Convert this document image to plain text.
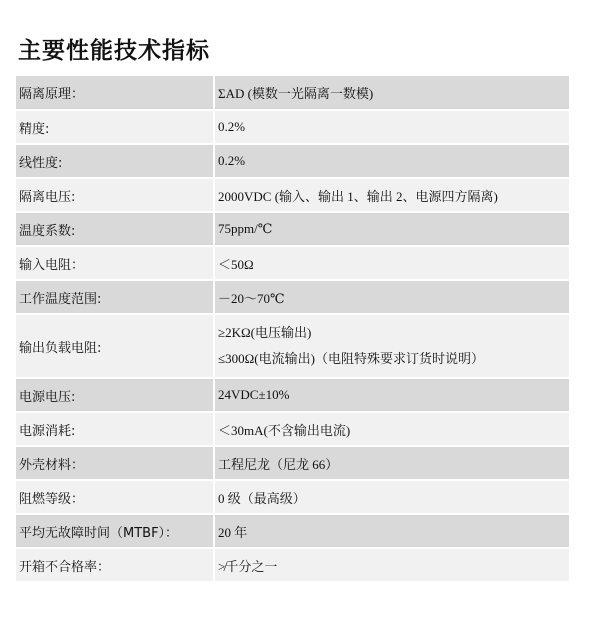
主要性能技术指标
隔离原理：	ΣAD (模数一光隔离一数模)
精度:	0.2%
线性度:	0.2%
隔离电压:	2000VDC (输入、输出 1、输出 2、电源四方隔离)
温度系数:	75ppm/℃
输入电阻：	＜50Ω
工作温度范围:	－20～70℃
输出负载电阻:	≥2KΩ(电压输出)
≤300Ω(电流输出)（电阻特殊要求订货时说明）

电源电压:	24VDC±10%
电源消耗:	＜30mA(不含输出电流)
外壳材料：	工程尼龙（尼龙 66）
阻燃等级：	0 级（最高级）
平均无故障时间（MTBF）：	20 年
开箱不合格率：	≯千分之一
